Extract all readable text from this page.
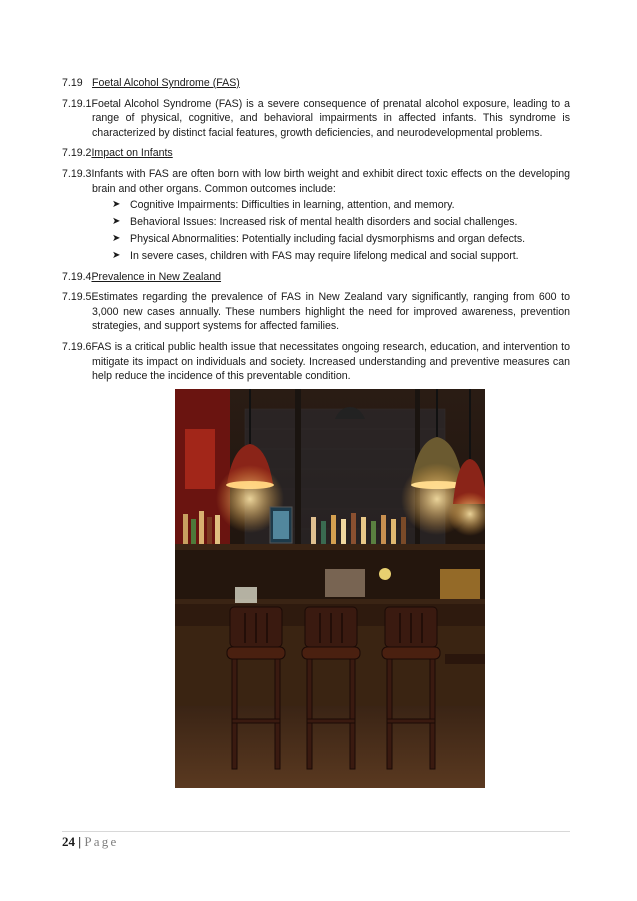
7.19 Foetal Alcohol Syndrome (FAS)
7.19.1Foetal Alcohol Syndrome (FAS) is a severe consequence of prenatal alcohol exposure, leading to a range of physical, cognitive, and behavioral impairments in affected infants. This syndrome is characterized by distinct facial features, growth deficiencies, and neurodevelopmental problems.
7.19.2 Impact on Infants
7.19.3Infants with FAS are often born with low birth weight and exhibit direct toxic effects on the developing brain and other organs. Common outcomes include:
➤ Cognitive Impairments: Difficulties in learning, attention, and memory.
➤ Behavioral Issues: Increased risk of mental health disorders and social challenges.
➤ Physical Abnormalities: Potentially including facial dysmorphisms and organ defects.
➤ In severe cases, children with FAS may require lifelong medical and social support.
7.19.4 Prevalence in New Zealand
7.19.5Estimates regarding the prevalence of FAS in New Zealand vary significantly, ranging from 600 to 3,000 new cases annually. These numbers highlight the need for improved awareness, prevention strategies, and support systems for affected families.
7.19.6FAS is a critical public health issue that necessitates ongoing research, education, and intervention to mitigate its impact on individuals and society. Increased understanding and preventive measures can help reduce the incidence of this preventable condition.
24 | Page
